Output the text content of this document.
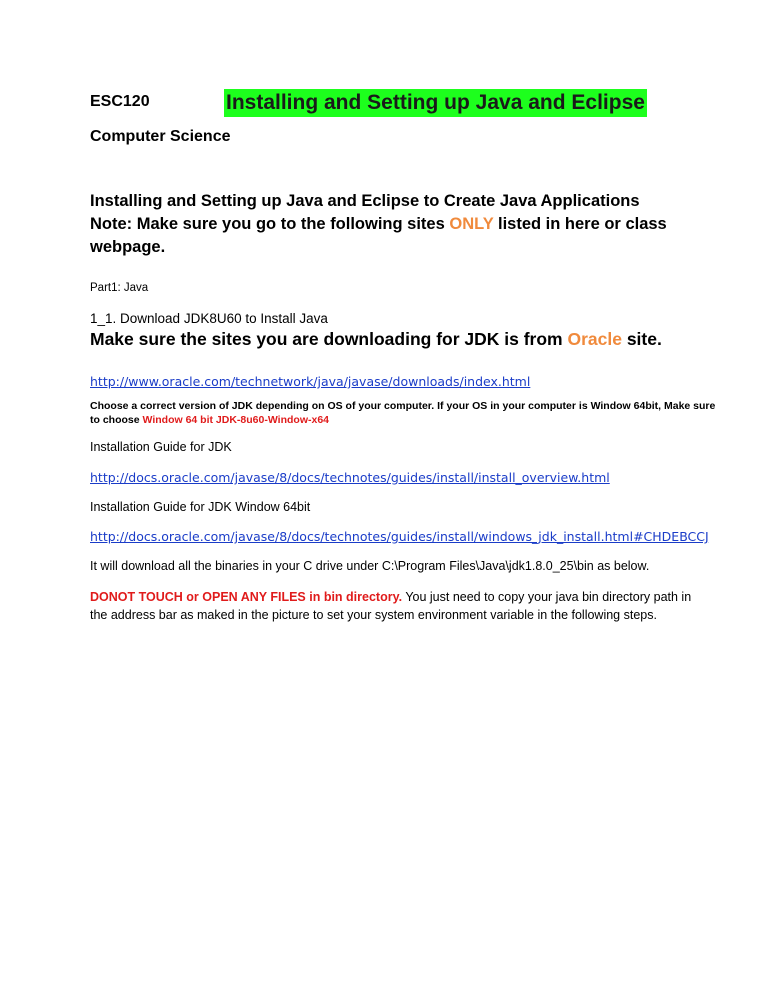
ESC120	Installing and Setting up Java and Eclipse
Computer Science
Installing and Setting up Java and Eclipse to Create Java Applications
Note: Make sure you go to the following sites ONLY listed in here or class webpage.
Part1: Java
1_1. Download JDK8U60 to Install Java
Make sure the sites you are downloading for JDK is from Oracle site.
http://www.oracle.com/technetwork/java/javase/downloads/index.html
Choose a correct version of JDK depending on OS of your computer. If your OS in your computer is Window 64bit, Make sure to choose Window 64 bit JDK-8u60-Window-x64
Installation Guide for JDK
http://docs.oracle.com/javase/8/docs/technotes/guides/install/install_overview.html
Installation Guide for JDK Window 64bit
http://docs.oracle.com/javase/8/docs/technotes/guides/install/windows_jdk_install.html#CHDEBCCJ
It will download all the binaries in your C drive under C:\Program Files\Java\jdk1.8.0_25\bin as below.
DONOT TOUCH or OPEN ANY FILES in bin directory. You just need to copy your java bin directory path in the address bar as maked in the picture to set your system environment variable in the following steps.
